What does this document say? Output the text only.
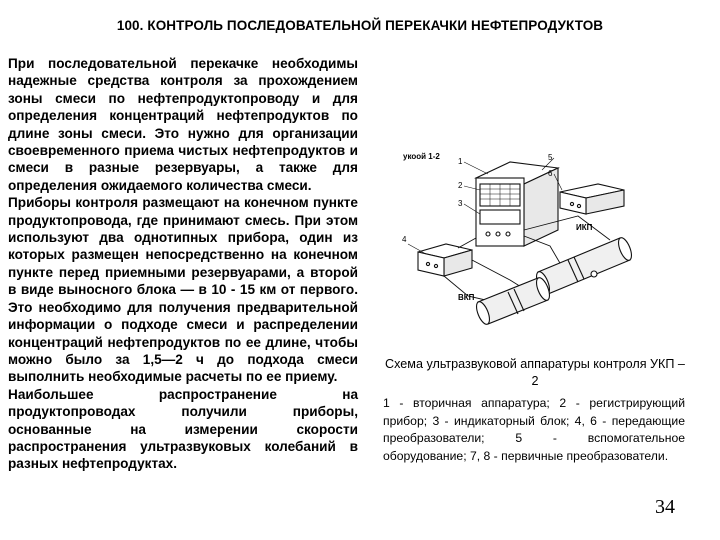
100. КОНТРОЛЬ ПОСЛЕДОВАТЕЛЬНОЙ ПЕРЕКАЧКИ НЕФТЕПРОДУКТОВ

При последовательной перекачке необходимы надежные средства контроля за прохождением зоны смеси по нефтепродуктопроводу и для определения концентраций нефтепродуктов по длине зоны смеси. Это нужно для организации своевременного приема чистых нефтепродуктов и смеси в разные резервуары, а также для определения ожидаемого количества смеси.

Приборы контроля размещают на конечном пункте продуктопровода, где принимают смесь. При этом используют два однотипных прибора, один из которых размещен непосредственно на конечном пункте перед приемными резервуарами, а второй в виде выносного блока — в 10 - 15 км от первого. Это необходимо для получения предварительной информации о подходе смеси и распределении концентраций нефтепродуктов по ее длине, чтобы можно было за 1,5—2 ч до подхода смеси выполнить необходимые расчеты по ее приему.

Наибольшее распространение на продуктопроводах получили приборы, основанные на измерении скорости распространения ультразвуковых колебаний в разных нефтепродуктах.

укоой 1-2
1
2
3
4
5
6
ИКП
ВКП
Схема ультразвуковой аппаратуры контроля УКП – 2
1 - вторичная аппаратура; 2 - регистрирующий прибор; 3 - индикаторный блок; 4, 6 - передающие преобразователи; 5 - вспомогательное оборудование; 7, 8 - первичные преобразователи.
34
